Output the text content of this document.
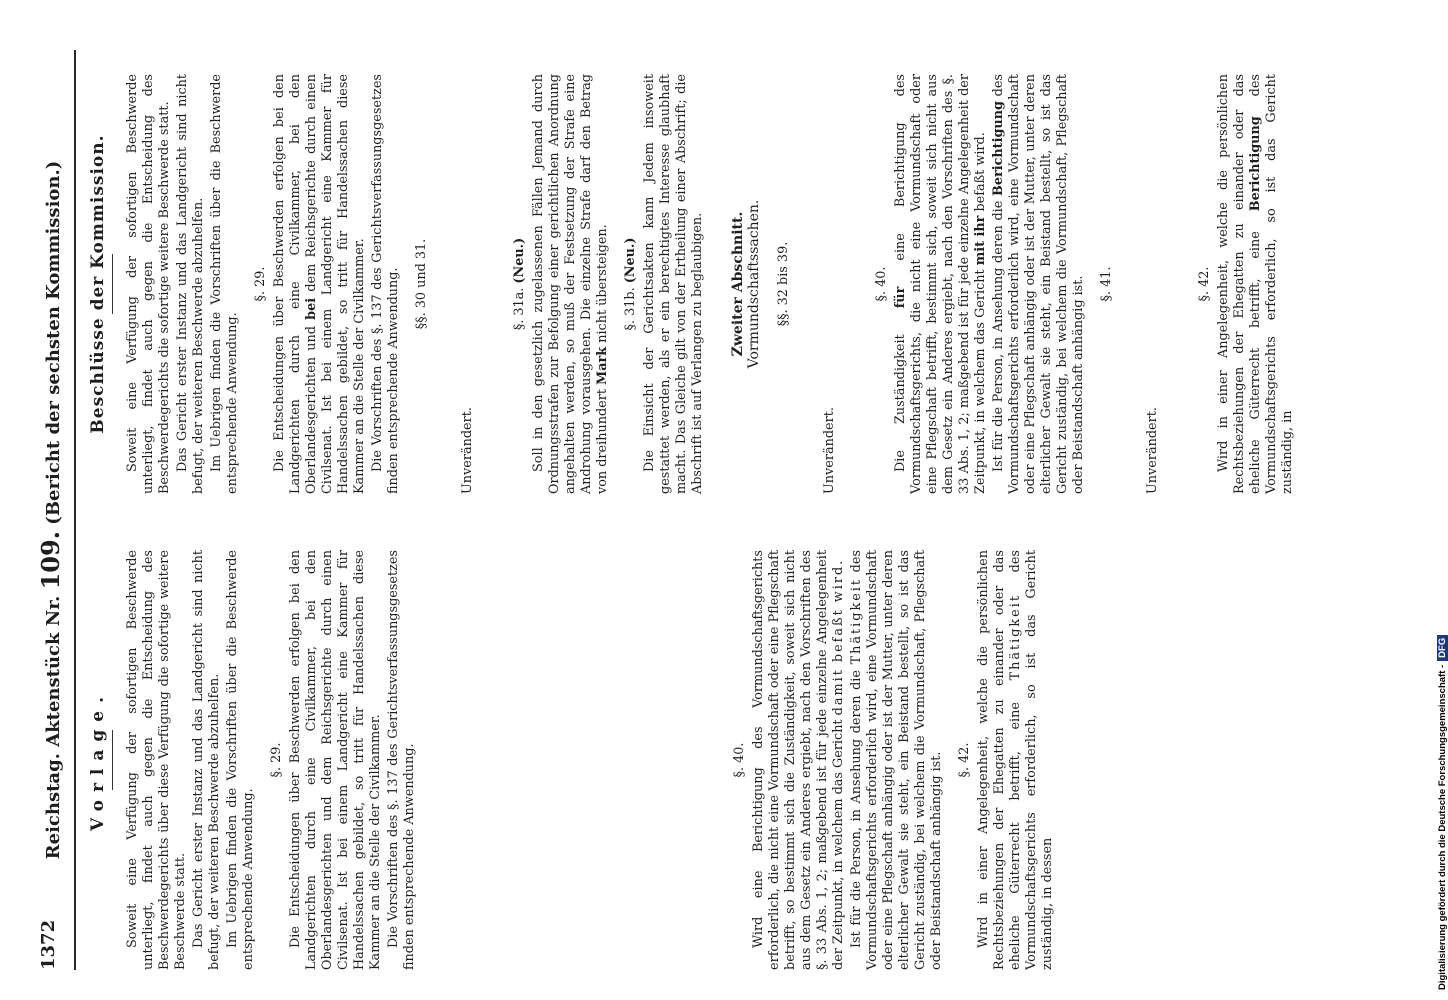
1372
Reichstag. Aktenstück Nr. 109. (Bericht der sechsten Kommission.)
Vorlage. Soweit eine Verfügung der sofortigen Beschwerde unterliegt, findet auch gegen die Entscheidung des Beschwerdegerichts über diese Verfügung die sofortige weitere Beschwerde statt. Das Gericht erster Instanz und das Landgericht sind nicht befugt, der weiteren Beschwerde abzuhelfen. Im Uebrigen finden die Vorschriften über die Beschwerde entsprechende Anwendung.

§. 29. Die Entscheidungen über Beschwerden erfolgen bei den Landgerichten durch eine Civilkammer, bei den Oberlandesgerichten und dem Reichsgerichte durch einen Civilsenat. Ist bei einem Landgericht eine Kammer für Handelssachen gebildet, so tritt für Handelssachen diese Kammer an die Stelle der Civilkammer. Die Vorschriften des §. 137 des Gerichtsverfassungsgesetzes finden entsprechende Anwendung.	§. 40. Wird eine Berichtigung des Vormundschaftsgerichts erforderlich, die nicht eine Vormundschaft oder eine Pflegschaft betrifft, so bestimmt sich die Zuständigkeit, soweit sich nicht aus dem Gesetz ein Anderes ergiebt, nach den Vorschriften des §. 33 Abs. 1, 2; maßgebend ist für jede einzelne Angelegenheit der Zeitpunkt, in welchem das Gericht damit befaßt wird.

Ist für die Person, in Ansehung deren die Thätigkeit des Vormundschaftsgerichts erforderlich wird, eine Vormundschaft oder eine Pflegschaft anhängig oder ist der Mutter, unter deren elterlicher Gewalt sie steht, ein Beistand bestellt, so ist das Gericht zuständig, bei welchem die Vormundschaft, Pflegschaft oder Beistandschaft anhängig ist. §. 42. Wird in einer Angelegenheit, welche die persönlichen Rechtsbeziehungen der Ehegatten zu einander oder das eheliche Güterrecht betrifft, eine Thätigkeit des Vormundschaftsgerichts erforderlich, so ist das Gericht zuständig, in dessen

Beschlüsse der Kommission. Soweit eine Verfügung der sofortigen Beschwerde unterliegt, findet auch gegen die Entscheidung des Beschwerdegerichts die sofortige weitere Beschwerde statt. Das Gericht erster Instanz und das Landgericht sind nicht befugt, der weiteren Beschwerde abzuhelfen. Im Uebrigen finden die Vorschriften über die Beschwerde entsprechende Anwendung.

§. 29. Die Entscheidungen über Beschwerden erfolgen bei den Landgerichten durch eine Civilkammer, bei den Oberlandesgerichten und bei dem Reichsgerichte durch einen Civilsenat. Ist bei einem Landgericht eine Kammer für Handelssachen gebildet, so tritt für Handelssachen diese Kammer an die Stelle der Civilkammer. Die Vorschriften des §. 137 des Gerichtsverfassungsgesetzes finden entsprechende Anwendung. §§. 30 und 31.

Unverändert.

§. 31a. (Neu.) Soll in den gesetzlich zugelassenen Fällen Jemand durch Ordnungsstrafen zur Befolgung einer gerichtlichen Anordnung angehalten werden, so muß der Festsetzung der Strafe eine Androhung vorausgehen. Die einzelne Strafe darf den Betrag von dreihundert Mark nicht übersteigen. §. 31b. (Neu.) Die Einsicht der Gerichtsakten kann Jedem insoweit gestattet werden, als er ein berechtigtes Interesse glaubhaft macht. Das Gleiche gilt von der Ertheilung einer Abschrift; die Abschrift ist auf Verlangen zu beglaubigen. Zweiter Abschnitt. Vormundschaftssachen. §§. 32 bis 39.

Unverändert.

§. 40.

Die Zuständigkeit für eine Berichtigung des Vormundschaftsgerichts, die nicht eine Vormundschaft oder eine Pflegschaft betrifft, bestimmt sich, soweit sich nicht aus dem Gesetz ein Anderes ergiebt, nach den Vorschriften des §. 33 Abs. 1, 2; maßgebend ist für jede einzelne Angelegenheit der Zeitpunkt, in welchem das Gericht mit ihr befaßt wird.

Ist für die Person, in Ansehung deren die Berichtigung des Vormundschaftsgerichts erforderlich wird, eine Vormundschaft oder eine Pflegschaft anhängig oder ist der Mutter, unter deren elterlicher Gewalt sie steht, ein Beistand bestellt, so ist das Gericht zuständig, bei welchem die Vormundschaft, Pflegschaft oder Beistandschaft anhängig ist. §. 41.

Unverändert.

§. 42. Wird in einer Angelegenheit, welche die persönlichen Rechtsbeziehungen der Ehegatten zu einander oder das eheliche Güterrecht betrifft, eine Berichtigung des Vormundschaftsgerichts erforderlich, so ist das Gericht zuständig, in

Digitalisierung gefördert durch die Deutsche Forschungsgemeinschaft -DFG
